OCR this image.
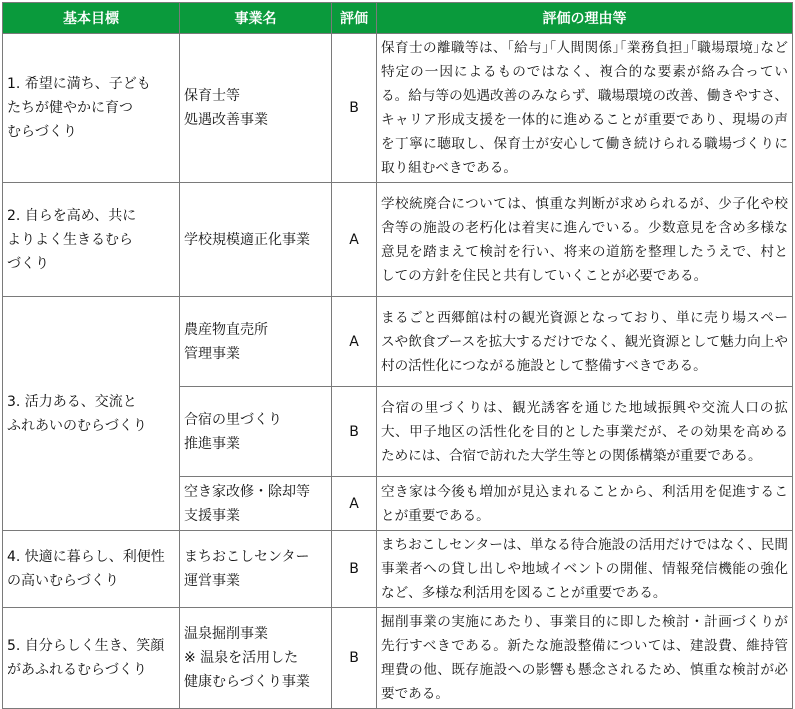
基本目標	事業名	評価	評価の理由等
1. 希望に満ち、子ども
たちが健やかに育つ
むらづくり	保育士等
処遇改善事業	B	保育士の離職等は、｢給与｣｢人間関係｣｢業務負担｣｢職場環境｣など特定の一因によるものではなく、複合的な要素が絡み合っている。給与等の処遇改善のみならず、職場環境の改善、働きやすさ、キャリア形成支援を一体的に進めることが重要であり、現場の声を丁寧に聴取し、保育士が安心して働き続けられる職場づくりに取り組むべきである。
2. 自らを高め、共に
よりよく生きるむら
づくり	学校規模適正化事業	A	学校統廃合については、慎重な判断が求められるが、少子化や校舎等の施設の老朽化は着実に進んでいる。少数意見を含め多様な意見を踏まえて検討を行い、将来の道筋を整理したうえで、村としての方針を住民と共有していくことが必要である。
3. 活力ある、交流と
ふれあいのむらづくり	農産物直売所
管理事業	A	まるごと西郷館は村の観光資源となっており、単に売り場スペースや飲食ブースを拡大するだけでなく、観光資源として魅力向上や村の活性化につながる施設として整備すべきである。
	合宿の里づくり
推進事業	B	合宿の里づくりは、観光誘客を通じた地域振興や交流人口の拡大、甲子地区の活性化を目的とした事業だが、その効果を高めるためには、合宿で訪れた大学生等との関係構築が重要である。
	空き家改修・除却等
支援事業	A	空き家は今後も増加が見込まれることから、利活用を促進することが重要である。
4. 快適に暮らし、利便性
の高いむらづくり	まちおこしセンター
運営事業	B	まちおこしセンターは、単なる待合施設の活用だけではなく、民間事業者への貸し出しや地域イベントの開催、情報発信機能の強化など、多様な利活用を図ることが重要である。
5. 自分らしく生き、笑顔
があふれるむらづくり	温泉掘削事業
※ 温泉を活用した
健康むらづくり事業	B	掘削事業の実施にあたり、事業目的に即した検討・計画づくりが先行すべきである。新たな施設整備については、建設費、維持管理費の他、既存施設への影響も懸念されるため、慎重な検討が必要である。
